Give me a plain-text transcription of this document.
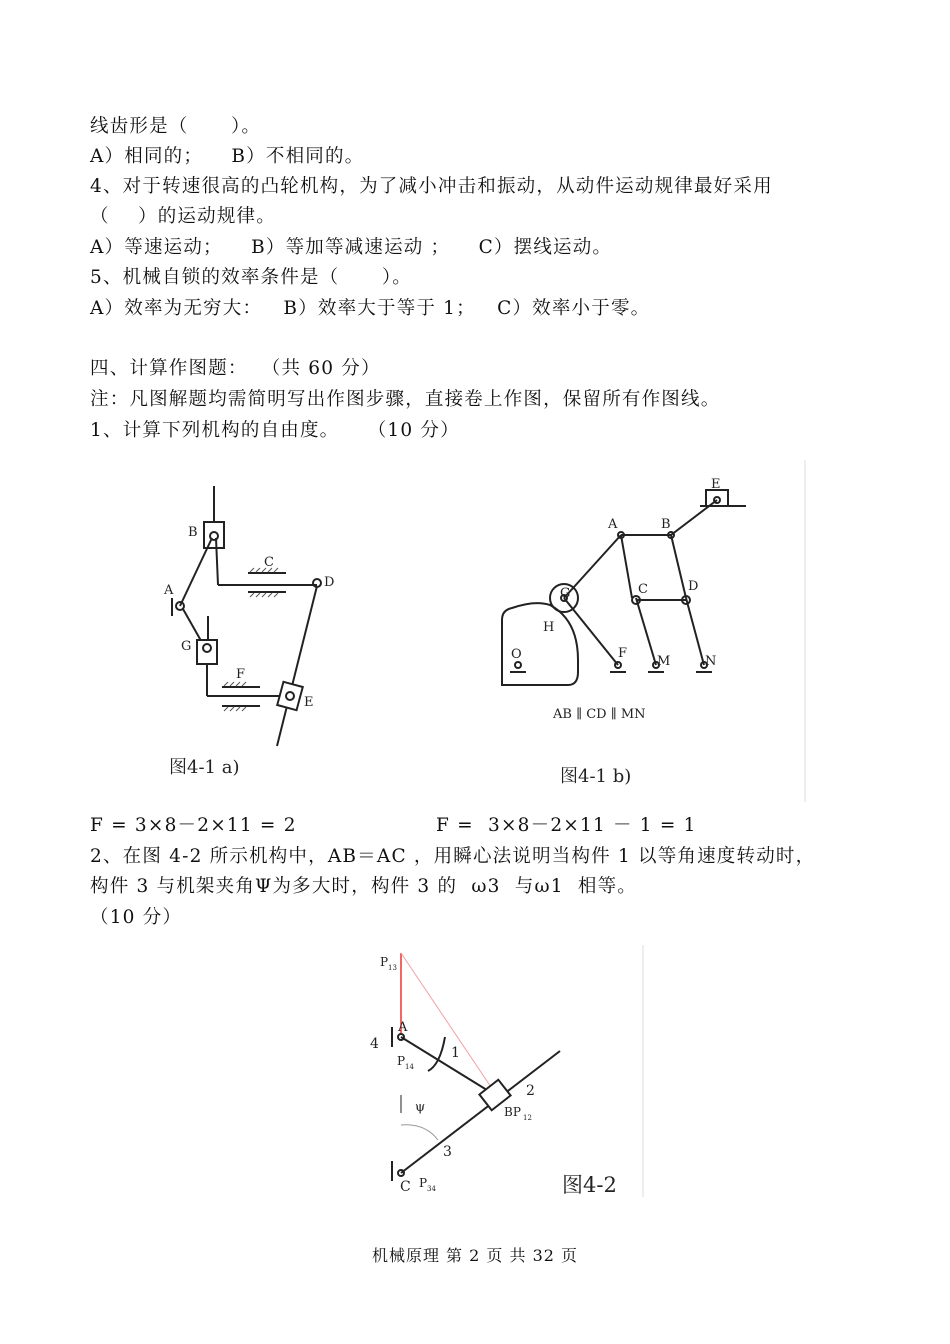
线齿形是（      ）。
A）相同的；    B）不相同的。
4、对于转速很高的凸轮机构，为了减小冲击和振动，从动件运动规律最好采用
（    ）的运动规律。
A）等速运动；    B）等加等减速运动 ；    C）摆线运动。
5、机械自锁的效率条件是（      ）。
A）效率为无穷大：   B）效率大于等于 1；   C）效率小于零。
四、计算作图题：  （共 60 分）
注：凡图解题均需简明写出作图步骤，直接卷上作图，保留所有作图线。
1、计算下列机构的自由度。    （10 分）
B
C
D
A
G
F
E
图4-1 a)
E
A	B
C	D
G
H
O	F
M	N
AB ∥ CD ∥ MN
图4-1 b)
F = 3×8－2×11 = 2	F =  3×8－2×11 － 1 = 1
2、在图 4-2 所示机构中，AB＝AC ，用瞬心法说明当构件 1 以等角速度转动时，
构件 3 与机架夹角Ψ为多大时，构件 3 的  ω3  与ω1  相等。
（10 分）
P 13
A
4
P 14
1
2
ψ	BP 12
3
C P 34	图4-2
机械原理 第 2 页 共 32 页
